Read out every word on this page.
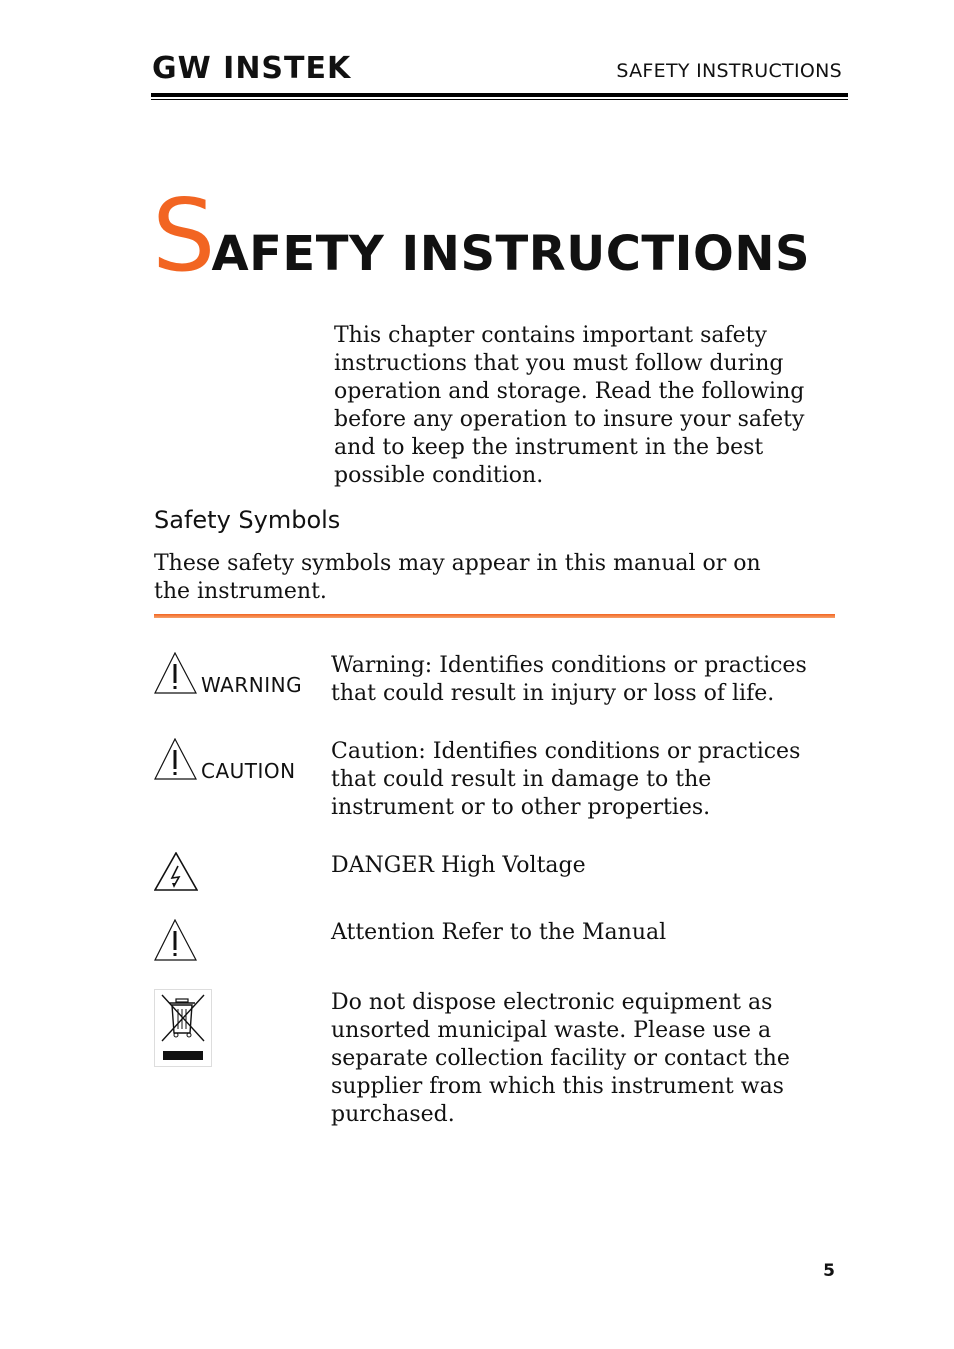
GW INSTEK	SAFETY INSTRUCTIONS
SAFETY INSTRUCTIONS
This chapter contains important safety instructions that you must follow during operation and storage. Read the following before any operation to insure your safety and to keep the instrument in the best possible condition.
Safety Symbols
These safety symbols may appear in this manual or on the instrument.
WARNING
Warning: Identifies conditions or practices that could result in injury or loss of life.
CAUTION
Caution: Identifies conditions or practices that could result in damage to the instrument or to other properties.
DANGER High Voltage
Attention Refer to the Manual
Do not dispose electronic equipment as unsorted municipal waste. Please use a separate collection facility or contact the supplier from which this instrument was purchased.
5
